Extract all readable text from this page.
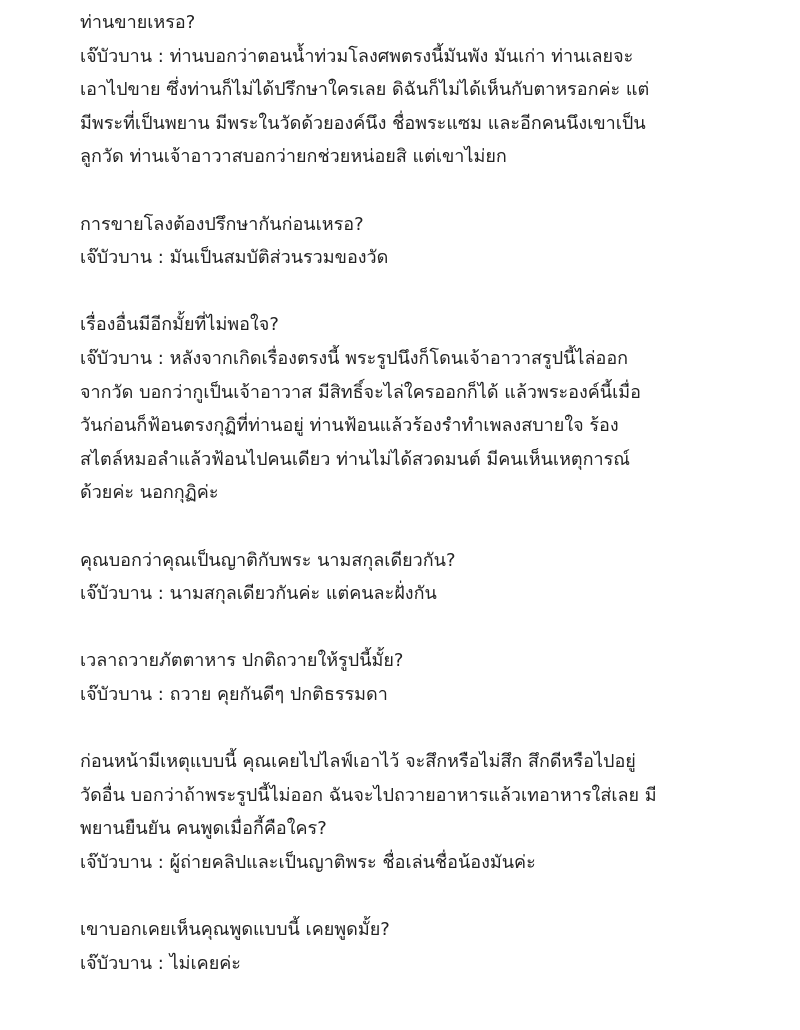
ท่านขายเหรอ?
เจ๊บัวบาน : ท่านบอกว่าตอนน้ำท่วมโลงศพตรงนี้มันพัง มันเก่า ท่านเลยจะ
เอาไปขาย ซึ่งท่านก็ไม่ได้ปรึกษาใครเลย ดิฉันก็ไม่ได้เห็นกับตาหรอกค่ะ แต่
มีพระที่เป็นพยาน มีพระในวัดด้วยองค์นึง ชื่อพระแซม และอีกคนนึงเขาเป็น
ลูกวัด ท่านเจ้าอาวาสบอกว่ายกช่วยหน่อยสิ แต่เขาไม่ยก
การขายโลงต้องปรึกษากันก่อนเหรอ?
เจ๊บัวบาน : มันเป็นสมบัติส่วนรวมของวัด
เรื่องอื่นมีอีกมั้ยที่ไม่พอใจ?
เจ๊บัวบาน : หลังจากเกิดเรื่องตรงนี้ พระรูปนึงก็โดนเจ้าอาวาสรูปนี้ไล่ออก
จากวัด บอกว่ากูเป็นเจ้าอาวาส มีสิทธิ์จะไล่ใครออกก็ได้ แล้วพระองค์นี้เมื่อ
วันก่อนก็ฟ้อนตรงกุฏิที่ท่านอยู่ ท่านฟ้อนแล้วร้องรำทำเพลงสบายใจ ร้อง
สไตล์หมอลำแล้วฟ้อนไปคนเดียว ท่านไม่ได้สวดมนต์ มีคนเห็นเหตุการณ์
ด้วยค่ะ นอกกุฏิค่ะ
คุณบอกว่าคุณเป็นญาติกับพระ นามสกุลเดียวกัน?
เจ๊บัวบาน : นามสกุลเดียวกันค่ะ แต่คนละฝั่งกัน
เวลาถวายภัตตาหาร ปกติถวายให้รูปนี้มั้ย?
เจ๊บัวบาน : ถวาย คุยกันดีๆ ปกติธรรมดา
ก่อนหน้ามีเหตุแบบนี้ คุณเคยไปไลฟ์เอาไว้ จะสึกหรือไม่สึก สึกดีหรือไปอยู่
วัดอื่น บอกว่าถ้าพระรูปนี้ไม่ออก ฉันจะไปถวายอาหารแล้วเทอาหารใส่เลย มี
พยานยืนยัน คนพูดเมื่อกี้คือใคร?
เจ๊บัวบาน : ผู้ถ่ายคลิปและเป็นญาติพระ ชื่อเล่นชื่อน้องมันค่ะ
เขาบอกเคยเห็นคุณพูดแบบนี้ เคยพูดมั้ย?
เจ๊บัวบาน : ไม่เคยค่ะ
